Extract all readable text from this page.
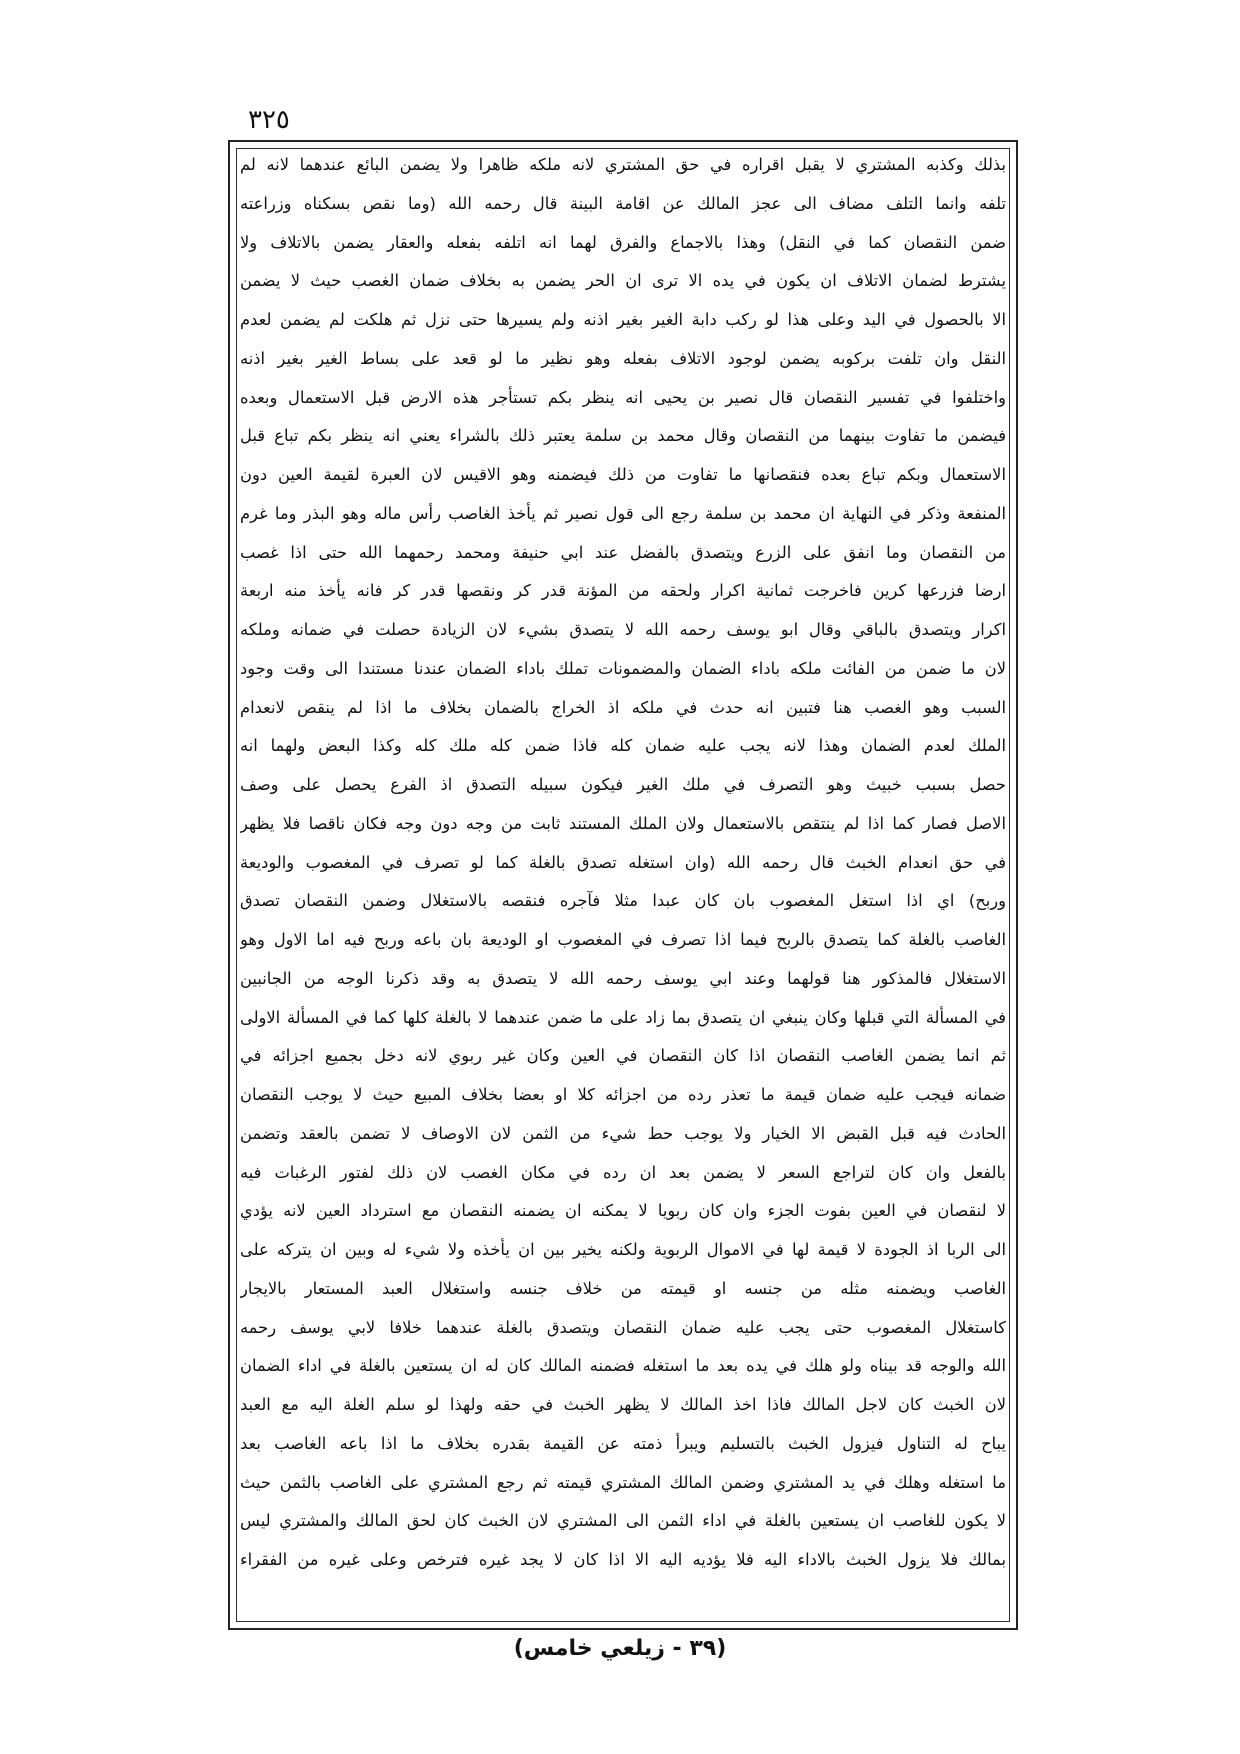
٣٢٥
بذلك وكذبه المشتري لا يقبل اقراره في حق المشتري لانه ملكه ظاهرا ولا يضمن البائع عندهما لانه لم
تلفه وانما التلف مضاف الى عجز المالك عن اقامة البينة قال رحمه الله (وما نقص بسكناه وزراعته
ضمن النقصان كما في النقل) وهذا بالاجماع والفرق لهما انه اتلفه بفعله والعقار يضمن بالاتلاف ولا
يشترط لضمان الاتلاف ان يكون في يده الا ترى ان الحر يضمن به بخلاف ضمان الغصب حيث لا يضمن
الا بالحصول في اليد وعلى هذا لو ركب دابة الغير بغير اذنه ولم يسيرها حتى نزل ثم هلكت لم يضمن لعدم
النقل وان تلفت بركوبه يضمن لوجود الاتلاف بفعله وهو نظير ما لو قعد على بساط الغير بغير اذنه
واختلفوا في تفسير النقصان قال نصير بن يحيى انه ينظر بكم تستأجر هذه الارض قبل الاستعمال وبعده
فيضمن ما تفاوت بينهما من النقصان وقال محمد بن سلمة يعتبر ذلك بالشراء يعني انه ينظر بكم تباع قبل
الاستعمال وبكم تباع بعده فنقصانها ما تفاوت من ذلك فيضمنه وهو الاقيس لان العبرة لقيمة العين دون
المنفعة وذكر في النهاية ان محمد بن سلمة رجع الى قول نصير ثم يأخذ الغاصب رأس ماله وهو البذر وما غرم
من النقصان وما انفق على الزرع ويتصدق بالفضل عند ابي حنيفة ومحمد رحمهما الله حتى اذا غصب
ارضا فزرعها كرين فاخرجت ثمانية اكرار ولحقه من المؤنة قدر كر ونقصها قدر كر فانه يأخذ منه اربعة
اكرار ويتصدق بالباقي وقال ابو يوسف رحمه الله لا يتصدق بشيء لان الزيادة حصلت في ضمانه وملكه
لان ما ضمن من الفائت ملكه باداء الضمان والمضمونات تملك باداء الضمان عندنا مستندا الى وقت وجود
السبب وهو الغصب هنا فتبين انه حدث في ملكه اذ الخراج بالضمان بخلاف ما اذا لم ينقص لانعدام
الملك لعدم الضمان وهذا لانه يجب عليه ضمان كله فاذا ضمن كله ملك كله وكذا البعض ولهما انه
حصل بسبب خبيث وهو التصرف في ملك الغير فيكون سبيله التصدق اذ الفرع يحصل على وصف
الاصل فصار كما اذا لم ينتقص بالاستعمال ولان الملك المستند ثابت من وجه دون وجه فكان ناقصا فلا يظهر
في حق انعدام الخبث قال رحمه الله (وان استغله تصدق بالغلة كما لو تصرف في المغصوب والوديعة
وربح) اي اذا استغل المغصوب بان كان عبدا مثلا فآجره فنقصه بالاستغلال وضمن النقصان تصدق
الغاصب بالغلة كما يتصدق بالربح فيما اذا تصرف في المغصوب او الوديعة بان باعه وربح فيه اما الاول وهو
الاستغلال فالمذكور هنا قولهما وعند ابي يوسف رحمه الله لا يتصدق به وقد ذكرنا الوجه من الجانبين
في المسألة التي قبلها وكان ينبغي ان يتصدق بما زاد على ما ضمن عندهما لا بالغلة كلها كما في المسألة الاولى
ثم انما يضمن الغاصب النقصان اذا كان النقصان في العين وكان غير ربوي لانه دخل بجميع اجزائه في
ضمانه فيجب عليه ضمان قيمة ما تعذر رده من اجزائه كلا او بعضا بخلاف المبيع حيث لا يوجب النقصان
الحادث فيه قبل القبض الا الخيار ولا يوجب حط شيء من الثمن لان الاوصاف لا تضمن بالعقد وتضمن
بالفعل وان كان لتراجع السعر لا يضمن بعد ان رده في مكان الغصب لان ذلك لفتور الرغبات فيه
لا لنقصان في العين بفوت الجزء وان كان ربويا لا يمكنه ان يضمنه النقصان مع استرداد العين لانه يؤدي
الى الربا اذ الجودة لا قيمة لها في الاموال الربوية ولكنه يخير بين ان يأخذه ولا شيء له وبين ان يتركه على
الغاصب ويضمنه مثله من جنسه او قيمته من خلاف جنسه واستغلال العبد المستعار بالايجار
كاستغلال المغصوب حتى يجب عليه ضمان النقصان ويتصدق بالغلة عندهما خلافا لابي يوسف رحمه
الله والوجه قد بيناه ولو هلك في يده بعد ما استغله فضمنه المالك كان له ان يستعين بالغلة في اداء الضمان
لان الخبث كان لاجل المالك فاذا اخذ المالك لا يظهر الخبث في حقه ولهذا لو سلم الغلة اليه مع العبد
يباح له التناول فيزول الخبث بالتسليم ويبرأ ذمته عن القيمة بقدره بخلاف ما اذا باعه الغاصب بعد
ما استغله وهلك في يد المشتري وضمن المالك المشتري قيمته ثم رجع المشتري على الغاصب بالثمن حيث
لا يكون للغاصب ان يستعين بالغلة في اداء الثمن الى المشتري لان الخبث كان لحق المالك والمشتري ليس
بمالك فلا يزول الخبث بالاداء اليه فلا يؤديه اليه الا اذا كان لا يجد غيره فترخص وعلى غيره من الفقراء
(٣٩ - زيلعي خامس)
